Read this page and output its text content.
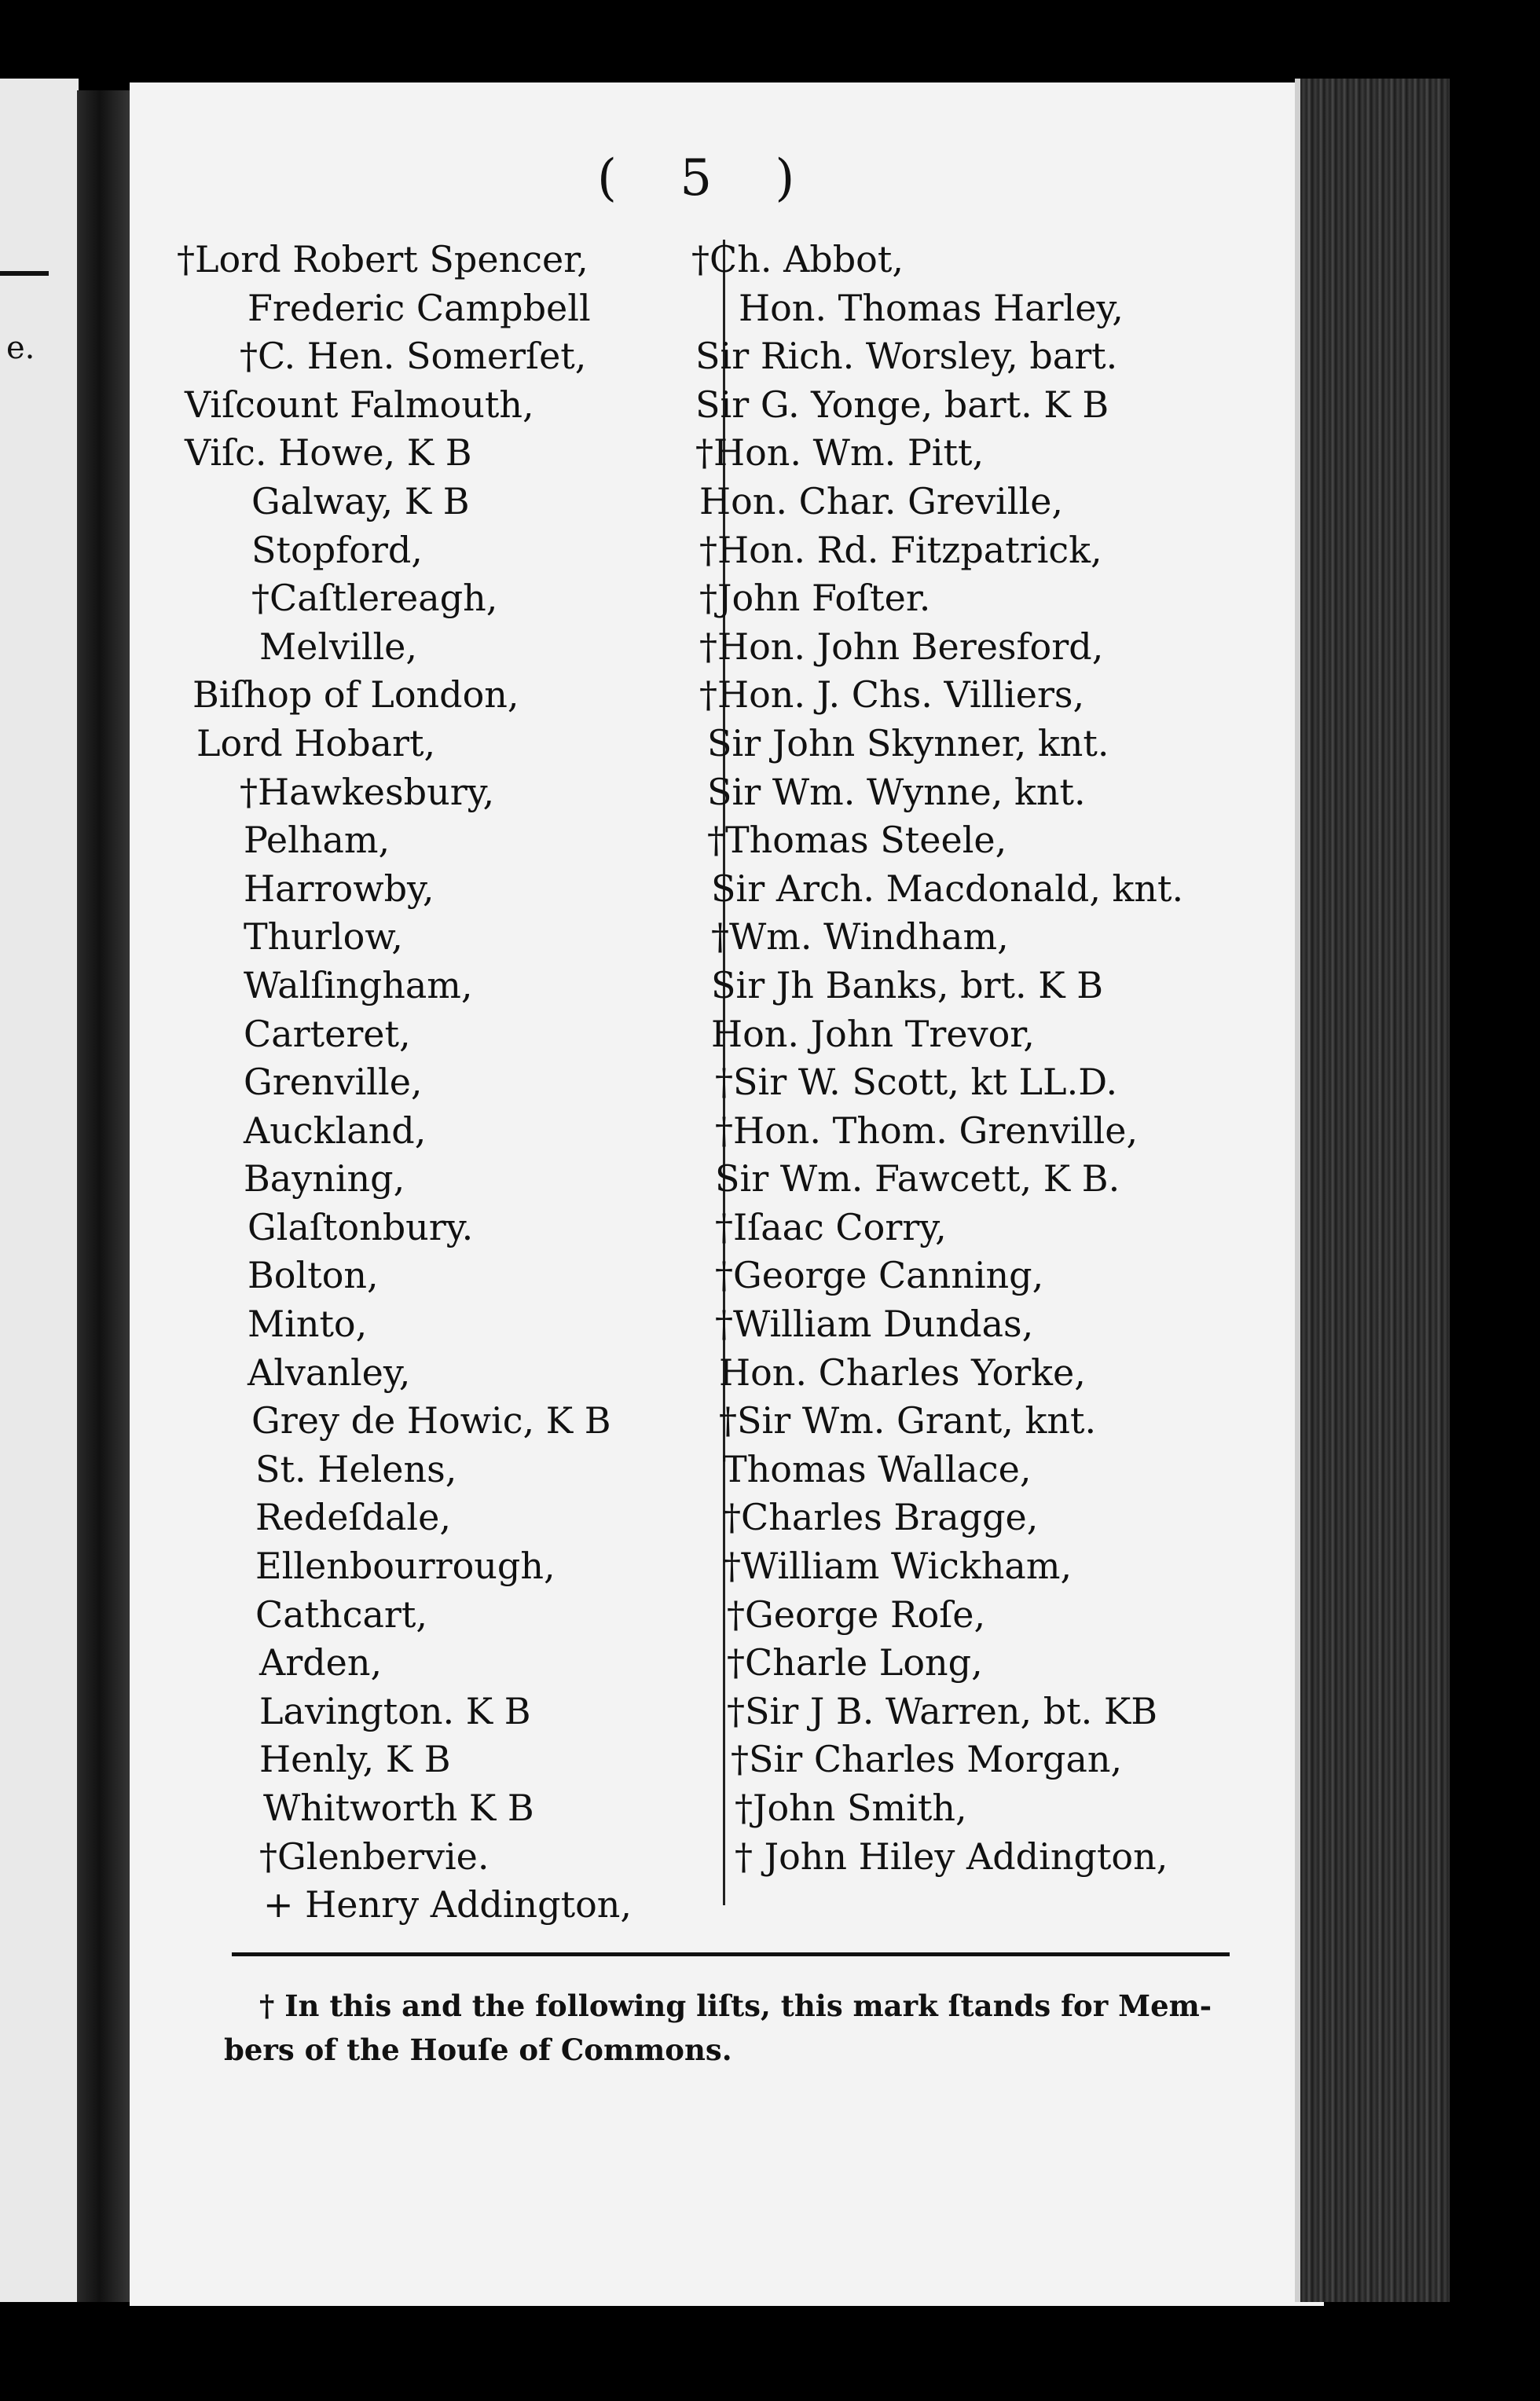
e.
( 5 )
†Lord Robert Spencer,
Frederic Campbell
†C. Hen. Somerſet,
Viſcount Falmouth,
Viſc. Howe, K B
Galway, K B
Stopford,
†Caſtlereagh,
Melville,
Biſhop of London,
Lord Hobart,
†Hawkesbury,
Pelham,
Harrowby,
Thurlow,
Walſingham,
Carteret,
Grenville,
Auckland,
Bayning,
Glaſtonbury.
Bolton,
Minto,
Alvanley,
Grey de Howic, K B
St. Helens,
Redeſdale,
Ellenbourrough,
Cathcart,
Arden,
Lavington. K B
Henly, K B
Whitworth K B
†Glenbervie.
+ Henry Addington,
†Ch. Abbot,
Hon. Thomas Harley,
Sir Rich. Worsley, bart.
Sir G. Yonge, bart. K B
†Hon. Wm. Pitt,
Hon. Char. Greville,
†Hon. Rd. Fitzpatrick,
†John Foſter.
†Hon. John Beresford,
†Hon. J. Chs. Villiers,
Sir John Skynner, knt.
Sir Wm. Wynne, knt.
†Thomas Steele,
Sir Arch. Macdonald, knt.
†Wm. Windham,
Sir Jh Banks, brt. K B
Hon. John Trevor,
†Sir W. Scott, kt LL.D.
†Hon. Thom. Grenville,
Sir Wm. Fawcett, K B.
†Iſaac Corry,
†George Canning,
†William Dundas,
Hon. Charles Yorke,
†Sir Wm. Grant, knt.
Thomas Wallace,
†Charles Bragge,
†William Wickham,
†George Roſe,
†Charle Long,
†Sir J B. Warren, bt. KB
†Sir Charles Morgan,
†John Smith,
† John Hiley Addington,
† In this and the following liſts, this mark ſtands for Mem-
bers of the Houſe of Commons.
